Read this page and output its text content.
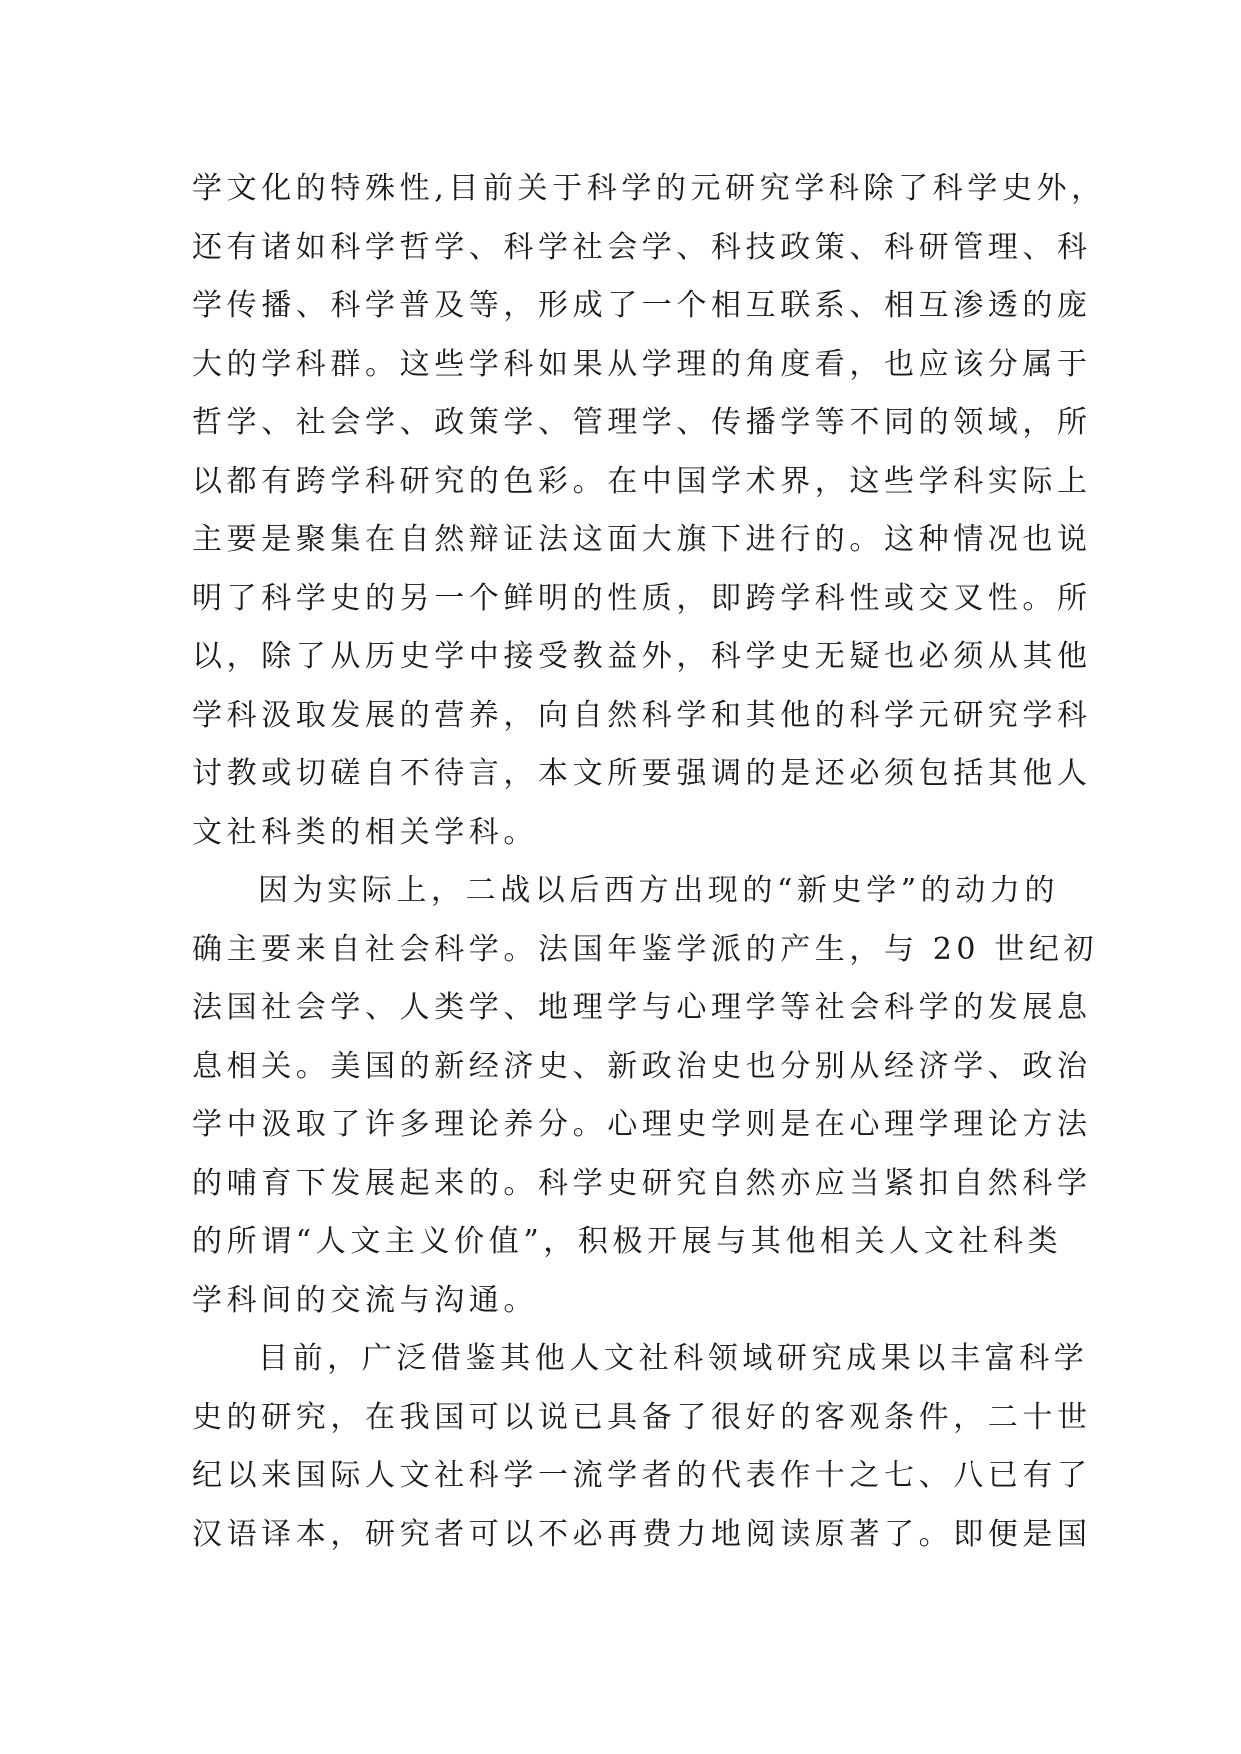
学文化的特殊性,目前关于科学的元研究学科除了科学史外，
还有诸如科学哲学、科学社会学、科技政策、科研管理、科
学传播、科学普及等，形成了一个相互联系、相互渗透的庞
大的学科群。这些学科如果从学理的角度看，也应该分属于
哲学、社会学、政策学、管理学、传播学等不同的领域，所
以都有跨学科研究的色彩。在中国学术界，这些学科实际上
主要是聚集在自然辩证法这面大旗下进行的。这种情况也说
明了科学史的另一个鲜明的性质，即跨学科性或交叉性。所
以，除了从历史学中接受教益外，科学史无疑也必须从其他
学科汲取发展的营养，向自然科学和其他的科学元研究学科
讨教或切磋自不待言，本文所要强调的是还必须包括其他人
文社科类的相关学科。
因为实际上，二战以后西方出现的“新史学”的动力的
确主要来自社会科学。法国年鉴学派的产生，与 20 世纪初
法国社会学、人类学、地理学与心理学等社会科学的发展息
息相关。美国的新经济史、新政治史也分别从经济学、政治
学中汲取了许多理论养分。心理史学则是在心理学理论方法
的哺育下发展起来的。科学史研究自然亦应当紧扣自然科学
的所谓“人文主义价值”，积极开展与其他相关人文社科类
学科间的交流与沟通。
目前，广泛借鉴其他人文社科领域研究成果以丰富科学
史的研究，在我国可以说已具备了很好的客观条件，二十世
纪以来国际人文社科学一流学者的代表作十之七、八已有了
汉语译本，研究者可以不必再费力地阅读原著了。即便是国
